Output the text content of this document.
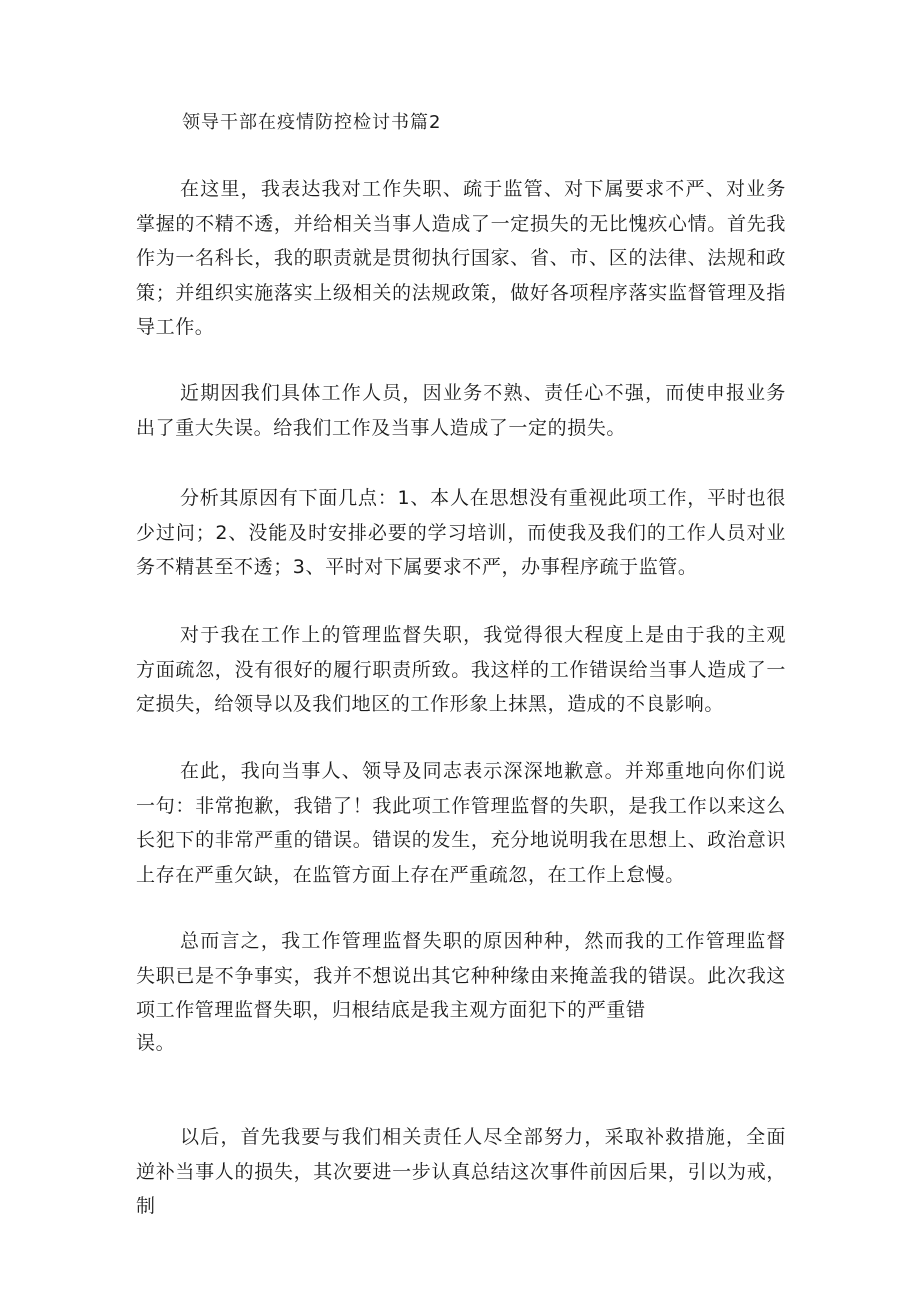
领导干部在疫情防控检讨书篇2

在这里，我表达我对工作失职、疏于监管、对下属要求不严、对业务掌握的不精不透，并给相关当事人造成了一定损失的无比愧疚心情。首先我作为一名科长，我的职责就是贯彻执行国家、省、市、区的法律、法规和政策；并组织实施落实上级相关的法规政策，做好各项程序落实监督管理及指导工作。

近期因我们具体工作人员，因业务不熟、责任心不强，而使申报业务出了重大失误。给我们工作及当事人造成了一定的损失。

分析其原因有下面几点：1、本人在思想没有重视此项工作，平时也很少过问；2、没能及时安排必要的学习培训，而使我及我们的工作人员对业务不精甚至不透；3、平时对下属要求不严，办事程序疏于监管。

对于我在工作上的管理监督失职，我觉得很大程度上是由于我的主观方面疏忽，没有很好的履行职责所致。我这样的工作错误给当事人造成了一定损失，给领导以及我们地区的工作形象上抹黑，造成的不良影响。

在此，我向当事人、领导及同志表示深深地歉意。并郑重地向你们说一句：非常抱歉，我错了！我此项工作管理监督的失职，是我工作以来这么长犯下的非常严重的错误。错误的发生，充分地说明我在思想上、政治意识上存在严重欠缺，在监管方面上存在严重疏忽，在工作上怠慢。

总而言之，我工作管理监督失职的原因种种，然而我的工作管理监督失职已是不争事实，我并不想说出其它种种缘由来掩盖我的错误。此次我这项工作管理监督失职，归根结底是我主观方面犯下的严重错

误。

以后，首先我要与我们相关责任人尽全部努力，采取补救措施，全面逆补当事人的损失，其次要进一步认真总结这次事件前因后果，引以为戒，制
